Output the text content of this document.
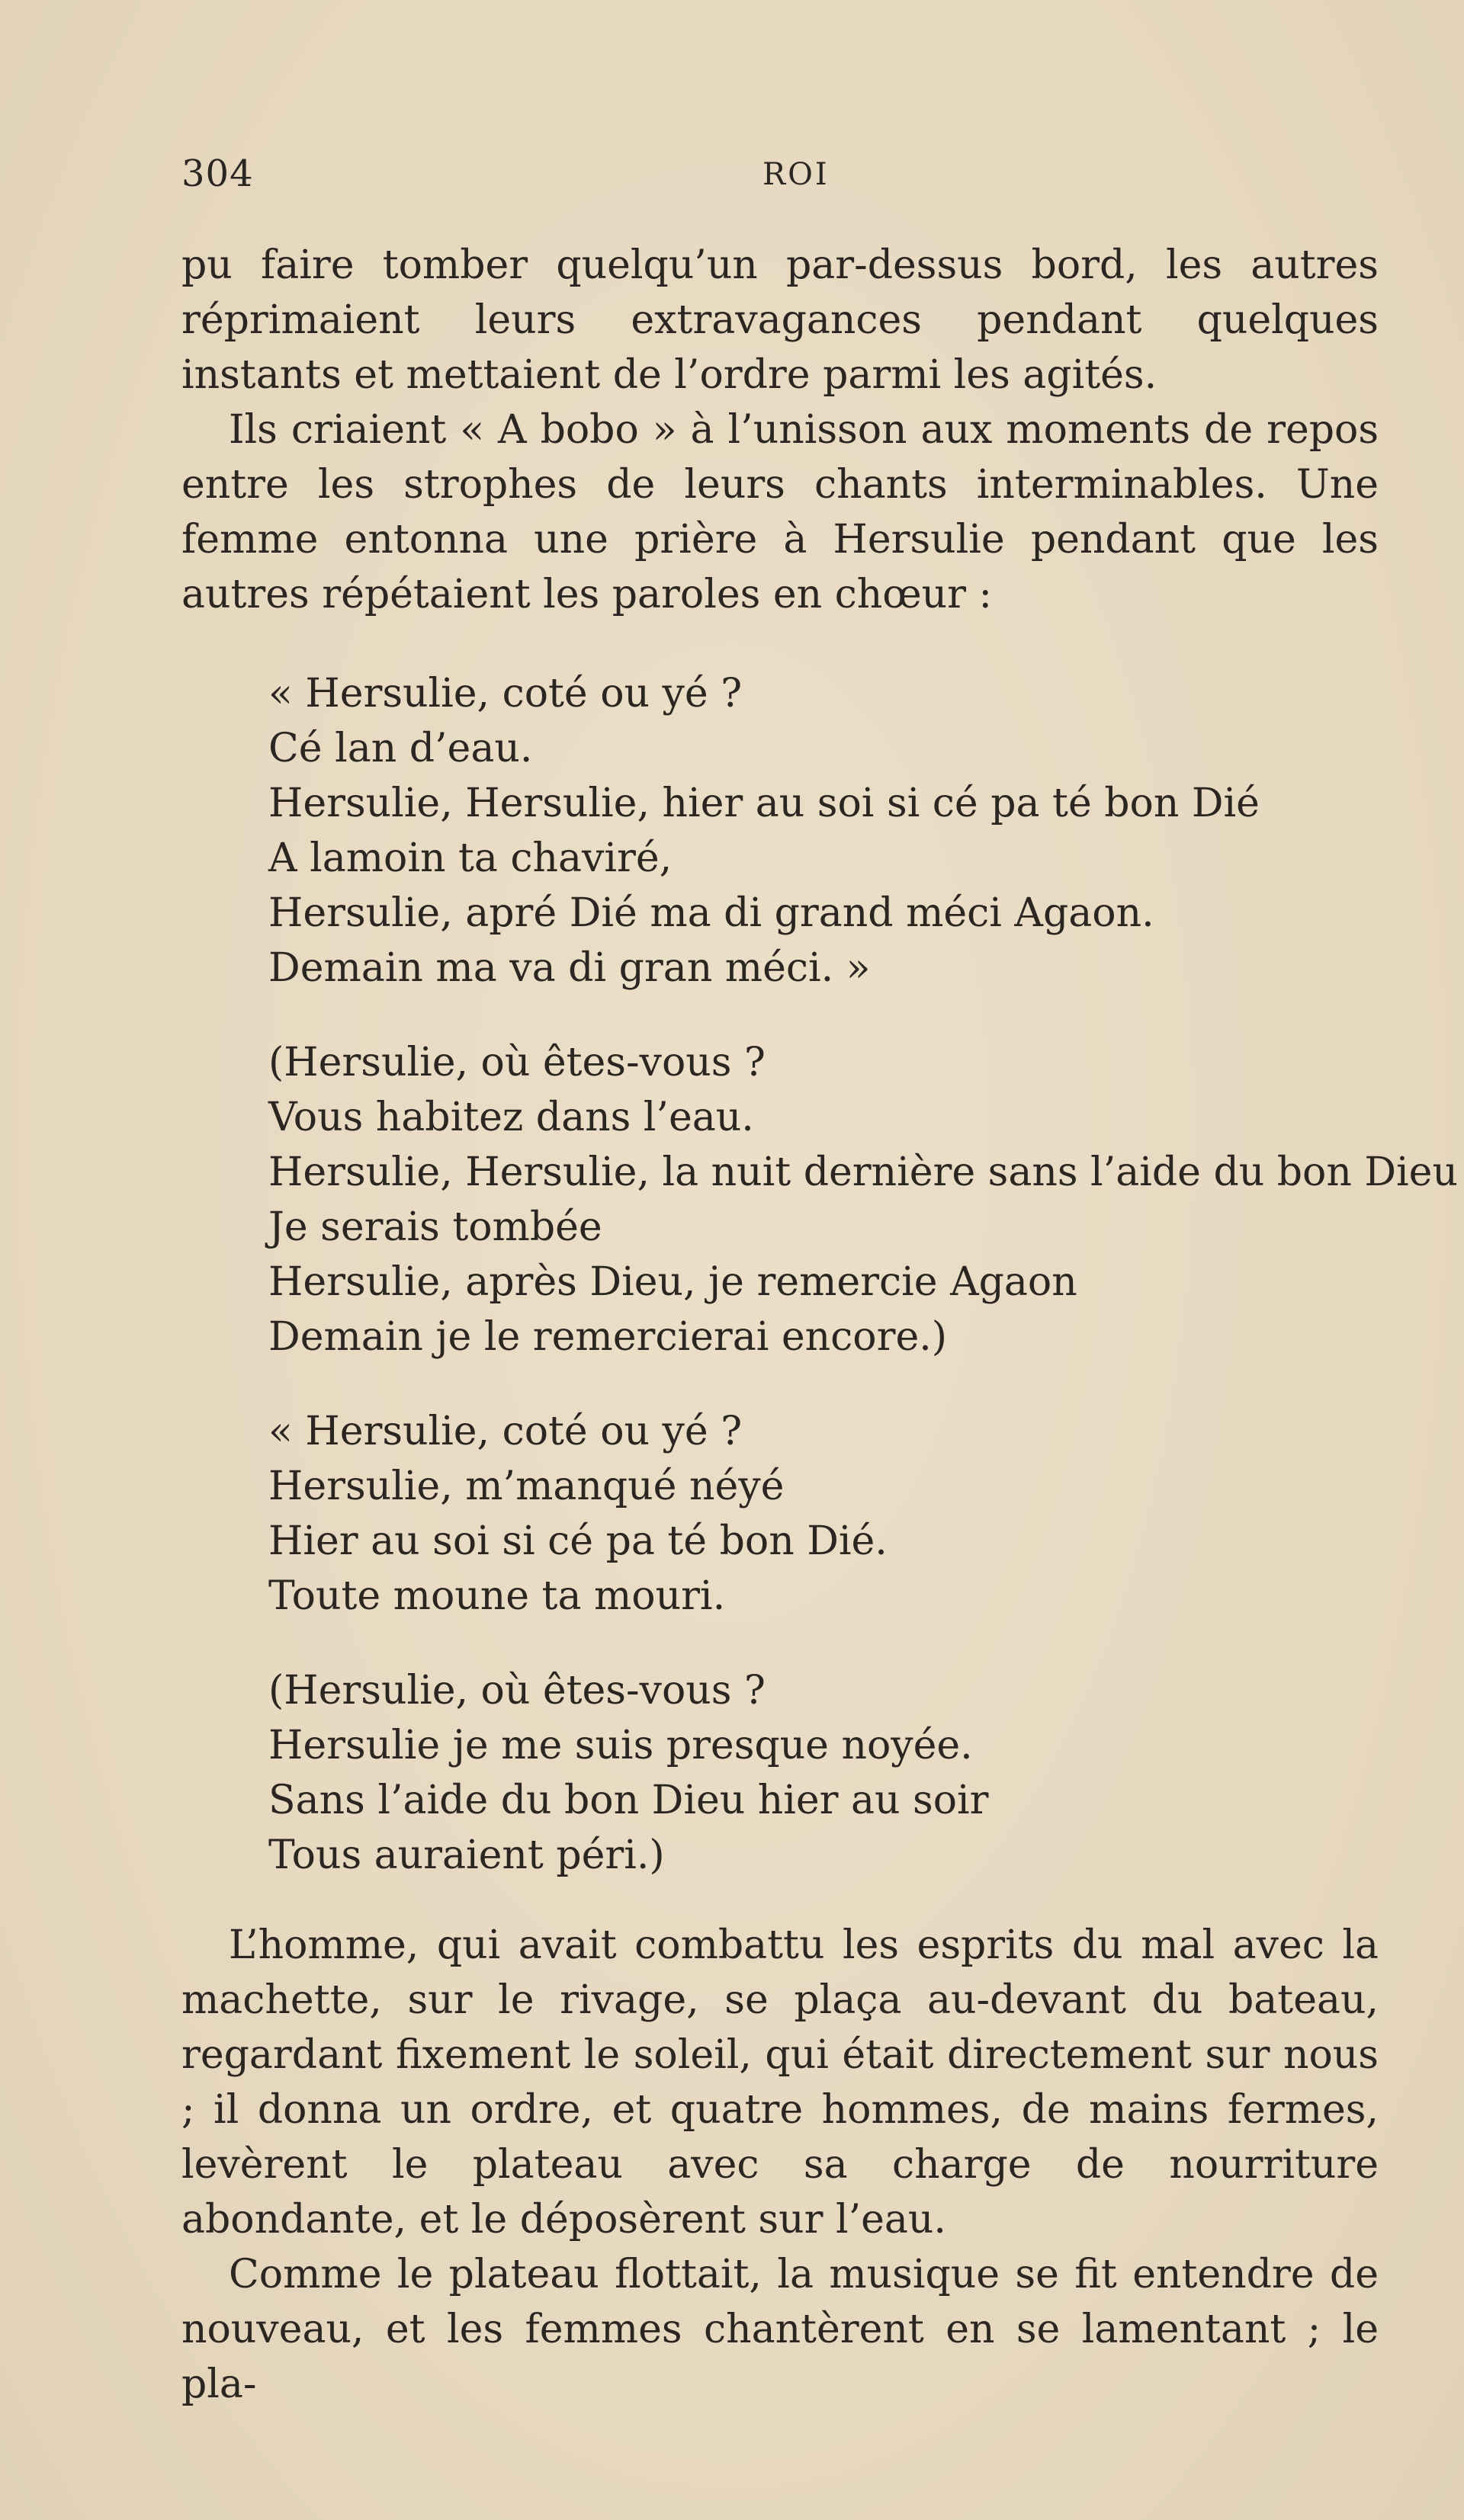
304	ROI

pu faire tomber quelqu’un par-dessus bord, les autres réprimaient leurs extravagances pendant quelques instants et mettaient de l’ordre parmi les agités.

Ils criaient « A bobo » à l’unisson aux moments de repos entre les strophes de leurs chants interminables. Une femme entonna une prière à Hersulie pendant que les autres répétaient les paroles en chœur :

« Hersulie, coté ou yé ?
Cé lan d’eau.
Hersulie, Hersulie, hier au soi si cé pa té bon Dié
A lamoin ta chaviré,
Hersulie, apré Dié ma di grand méci Agaon.
Demain ma va di gran méci. »
(Hersulie, où êtes-vous ?
Vous habitez dans l’eau.
Hersulie, Hersulie, la nuit dernière sans l’aide du bon Dieu
Je serais tombée
Hersulie, après Dieu, je remercie Agaon
Demain je le remercierai encore.)
« Hersulie, coté ou yé ?
Hersulie, m’manqué néyé
Hier au soi si cé pa té bon Dié.
Toute moune ta mouri.
(Hersulie, où êtes-vous ?
Hersulie je me suis presque noyée.
Sans l’aide du bon Dieu hier au soir
Tous auraient péri.)

L’homme, qui avait combattu les esprits du mal avec la machette, sur le rivage, se plaça au-devant du bateau, regardant fixement le soleil, qui était directement sur nous ; il donna un ordre, et quatre hommes, de mains fermes, levèrent le plateau avec sa charge de nourriture abondante, et le déposèrent sur l’eau.

Comme le plateau flottait, la musique se fit entendre de nouveau, et les femmes chantèrent en se lamentant ; le pla-
